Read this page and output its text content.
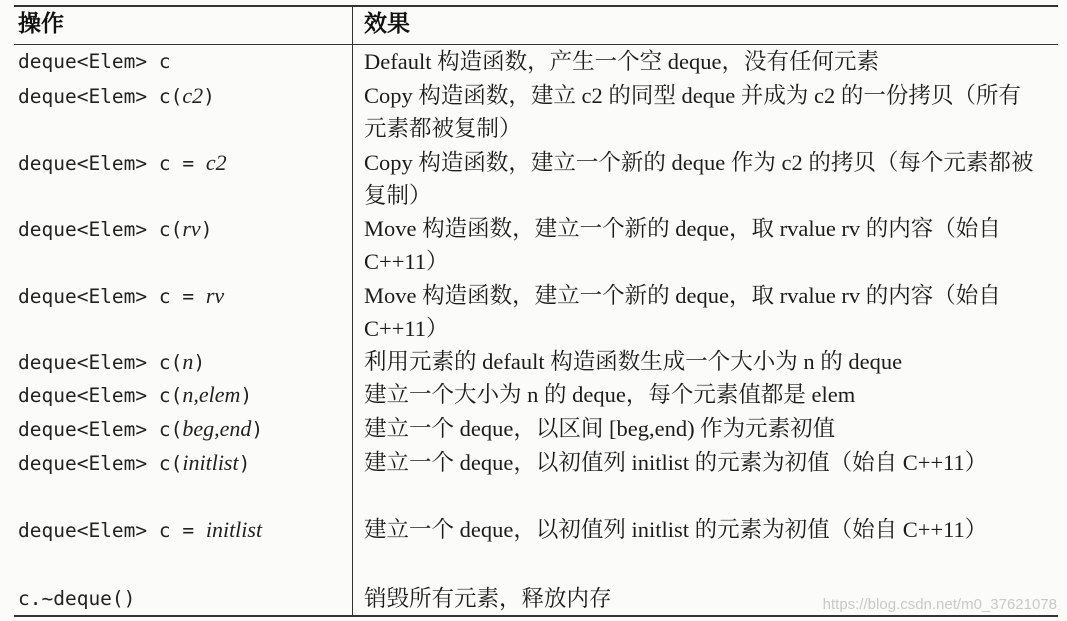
操作	效果
deque<Elem> c	Default 构造函数，产生一个空 deque，没有任何元素
deque<Elem> c(c2)	Copy 构造函数，建立 c2 的同型 deque 并成为 c2 的一份拷贝（所有元素都被复制）
deque<Elem> c = c2	Copy 构造函数，建立一个新的 deque 作为 c2 的拷贝（每个元素都被复制）
deque<Elem> c(rv)	Move 构造函数，建立一个新的 deque，取 rvalue rv 的内容（始自 C++11）
deque<Elem> c = rv	Move 构造函数，建立一个新的 deque，取 rvalue rv 的内容（始自 C++11）
deque<Elem> c(n)	利用元素的 default 构造函数生成一个大小为 n 的 deque
deque<Elem> c(n,elem)	建立一个大小为 n 的 deque，每个元素值都是 elem
deque<Elem> c(beg,end)	建立一个 deque，以区间 [beg,end) 作为元素初值
deque<Elem> c(initlist)	建立一个 deque，以初值列 initlist 的元素为初值（始自 C++11）
deque<Elem> c = initlist	建立一个 deque，以初值列 initlist 的元素为初值（始自 C++11）
c.~deque()	销毁所有元素，释放内存	https://blog.csdn.net/m0_37621078
